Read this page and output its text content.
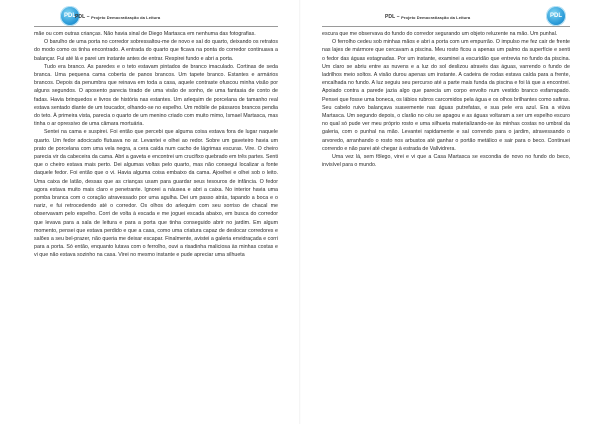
PDL PDL –
Projeto Democratização da Leitura

mãe ou com outras crianças. Não havia sinal de Diego Martasca em nenhuma das fotografias.

O barulho de uma porta no corredor sobressaltou-me de novo e saí do quarto, deixando os retratos do modo como os tinha encontrado. A entrada do quarto que ficava na ponta do corredor continuava a balançar. Fui até lá e parei um instante antes de entrar. Respirei fundo e abri a porta.

Tudo era branco. As paredes e o teto estavam pintados de branco imaculado. Cortinas de seda branca. Uma pequena cama coberta de panos brancos. Um tapete branco. Estantes e armários brancos. Depois da penumbra que reinava em toda a casa, aquele contraste ofuscou minha visão por alguns segundos. O aposento parecia tirado de uma visão de sonho, de uma fantasia de conto de fadas. Havia brinquedos e livros de história nas estantes. Um arlequim de porcelana de tamanho real estava sentado diante de um toucador, olhando-se no espelho. Um móbile de pássaros brancos pendia do teto. À primeira vista, parecia o quarto de um menino criado com muito mimo, Ismael Martasca, mas tinha o ar opressivo de uma câmara mortuária.

Sentei na cama e suspirei. Foi então que percebi que alguma coisa estava fora de lugar naquele quarto. Um fedor adocicado flutuava no ar. Levantei e olhei ao redor. Sobre um gaveteiro havia um prato de porcelana com uma vela negra, a cera caída num cacho de lágrimas escuras. Vire. O cheiro parecia vir da cabeceira da cama. Abri a gaveta e encontrei um crucifixo quebrado em três partes. Senti que o cheiro estava mais perto. Dei algumas voltas pelo quarto, mas não consegui localizar a fonte daquele fedor. Foi então que o vi. Havia alguma coisa embaixo da cama. Ajoelhei e olhei sob o leito. Uma caixa de latão, dessas que as crianças usam para guardar seus tesouros de infância. O fedor agora estava muito mais claro e penetrante. Ignorei a náusea e abri a caixa. No interior havia uma pomba branca com o coração atravessado por uma agulha. Dei um passo atrás, tapando a boca e o nariz, e fui retrocedendo até o corredor. Os olhos do arlequim com seu sorriso de chacal me observavam pelo espelho. Corri de volta à escada e me joguei escada abaixo, em busca do corredor que levava para a sala de leitura e para a porta que tinha conseguido abrir no jardim. Em algum momento, pensei que estava perdido e que a casa, como uma criatura capaz de deslocar corredores e salões a seu bel-prazer, não queria me deixar escapar. Finalmente, avistei a galeria envidraçada e corri para a porta. Só então, enquanto lutava com o ferrolho, ouvi a risadinha maliciosa às minhas costas e vi que não estava sozinho na casa. Virei no mesmo instante e pude apreciar uma silhueta

PDL
PDL –
Projeto Democratização da Leitura

escura que me observava do fundo do corredor segurando um objeto reluzente na mão. Um punhal.

O ferrolho cedeu sob minhas mãos e abri a porta com um empurrão. O impulso me fez cair de frente nas lajes de mármore que cercavam a piscina. Meu rosto ficou a apenas um palmo da superfície e senti o fedor das águas estagnadas. Por um instante, examinei a escuridão que entrevia no fundo da piscina. Um claro se abriu entre as nuvens e a luz do sol deslizou através das águas, varrendo o fundo de ladrilhos meio soltos. A visão durou apenas um instante. A cadeira de rodas estava caída para a frente, encalhada no fundo. A luz seguiu seu percurso até a parte mais funda da piscina e foi lá que a encontrei. Apoiado contra a parede jazia algo que parecia um corpo envolto num vestido branco esfarrapado. Pensei que fosse uma boneca, os lábios rubros carcomidos pela água e os olhos brilhantes como safiras. Seu cabelo ruivo balançava suavemente nas águas putrefatas, e sua pele era azul. Era a viúva Martasca. Um segundo depois, o clarão no céu se apagou e as águas voltaram a ser um espelho escuro no qual só pude ver meu próprio rosto e uma silhueta materializando-se às minhas costas no umbral da galeria, com o punhal na mão. Levantei rapidamente e saí correndo para o jardim, atravessando o arvoredo, arranhando o rosto nos arbustos até ganhar o portão metálico e sair para o beco. Continuei correndo e não parei até chegar à estrada de Vallvidrera.

Uma vez lá, sem fôlego, virei e vi que a Casa Martasca se escondia de novo no fundo do beco, invisível para o mundo.
